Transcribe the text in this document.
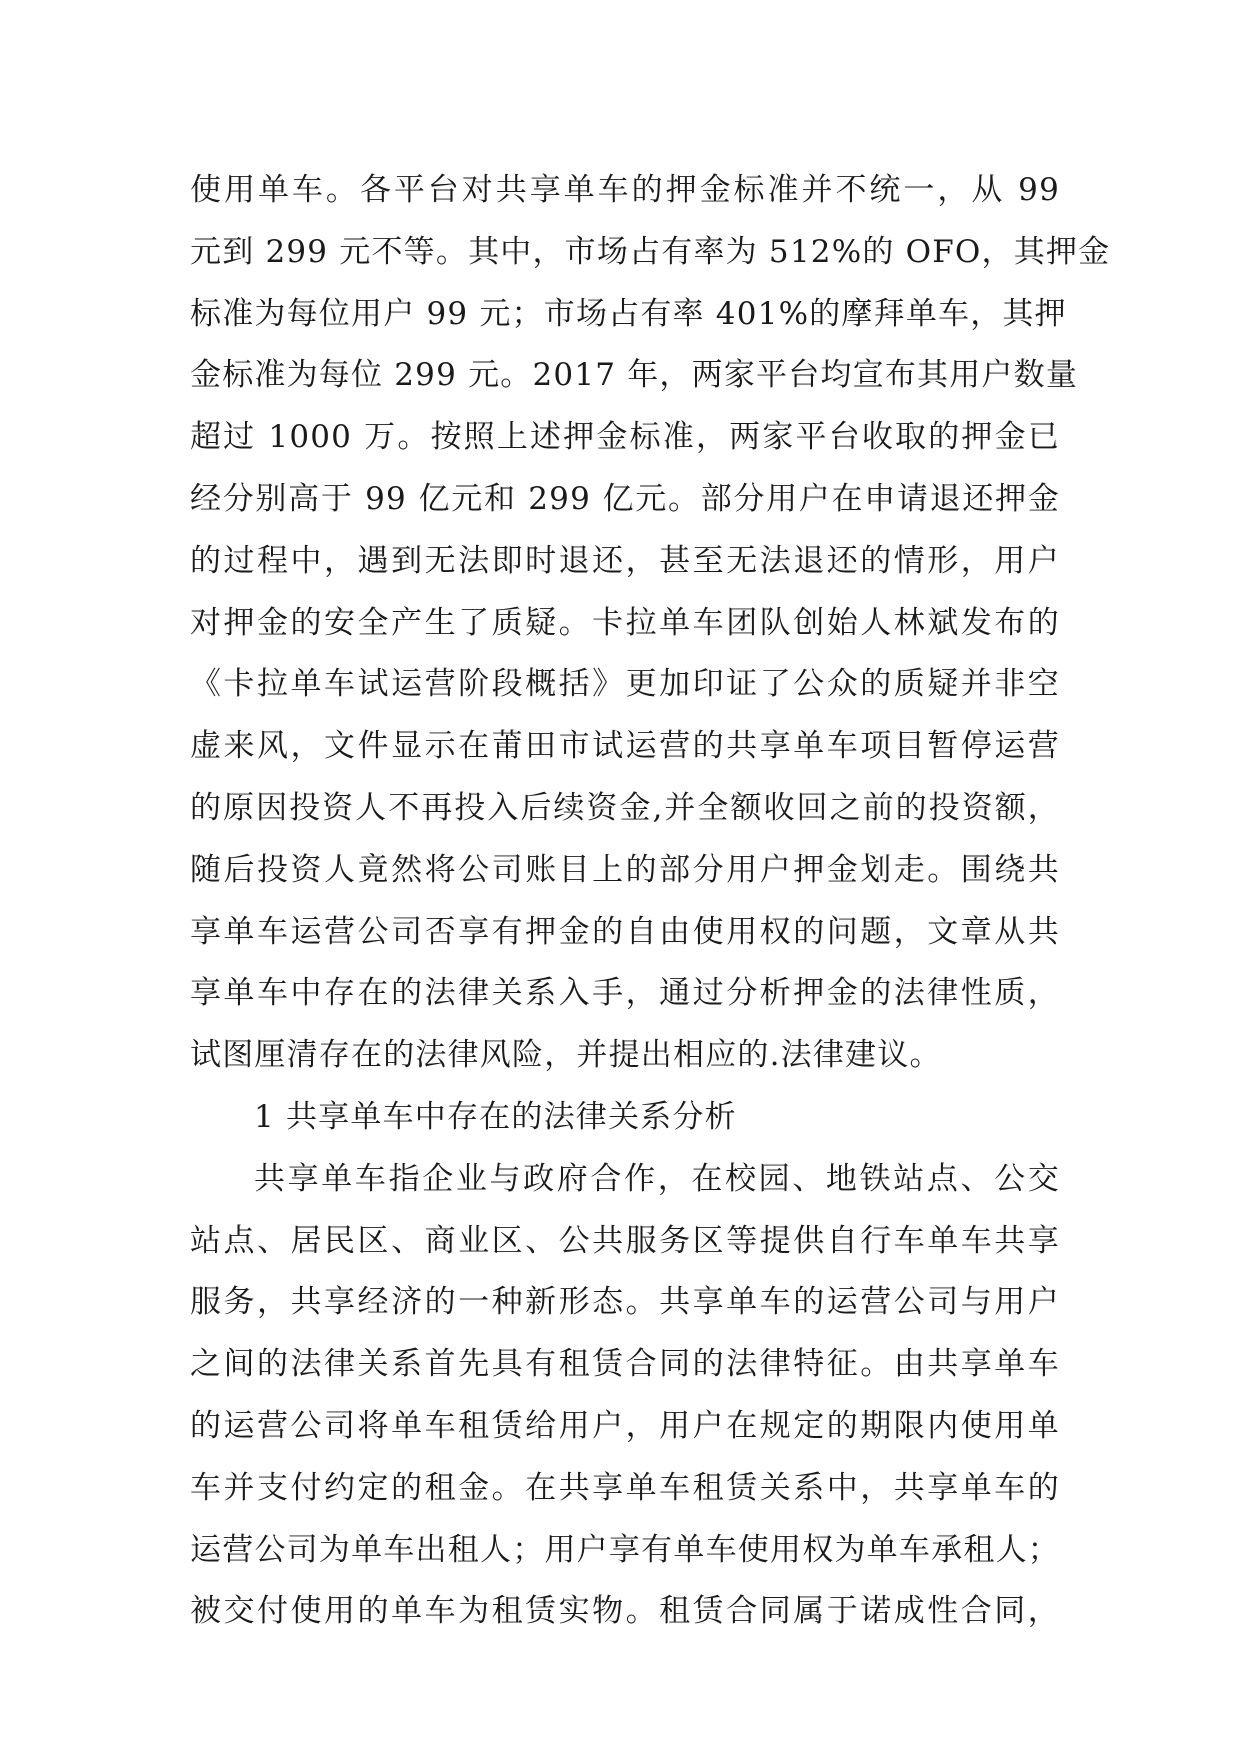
使用单车。各平台对共享单车的押金标准并不统一，从 99
元到 299 元不等。其中，市场占有率为 512%的 OFO，其押金
标准为每位用户 99 元；市场占有率 401%的摩拜单车，其押
金标准为每位 299 元。2017 年，两家平台均宣布其用户数量
超过 1000 万。按照上述押金标准，两家平台收取的押金已
经分别高于 99 亿元和 299 亿元。部分用户在申请退还押金
的过程中，遇到无法即时退还，甚至无法退还的情形，用户
对押金的安全产生了质疑。卡拉单车团队创始人林斌发布的
《卡拉单车试运营阶段概括》更加印证了公众的质疑并非空
虚来风，文件显示在莆田市试运营的共享单车项目暂停运营
的原因投资人不再投入后续资金,并全额收回之前的投资额，
随后投资人竟然将公司账目上的部分用户押金划走。围绕共
享单车运营公司否享有押金的自由使用权的问题，文章从共
享单车中存在的法律关系入手，通过分析押金的法律性质，
试图厘清存在的法律风险，并提出相应的.法律建议。
1 共享单车中存在的法律关系分析
共享单车指企业与政府合作，在校园、地铁站点、公交
站点、居民区、商业区、公共服务区等提供自行车单车共享
服务，共享经济的一种新形态。共享单车的运营公司与用户
之间的法律关系首先具有租赁合同的法律特征。由共享单车
的运营公司将单车租赁给用户，用户在规定的期限内使用单
车并支付约定的租金。在共享单车租赁关系中，共享单车的
运营公司为单车出租人；用户享有单车使用权为单车承租人；
被交付使用的单车为租赁实物。租赁合同属于诺成性合同，
